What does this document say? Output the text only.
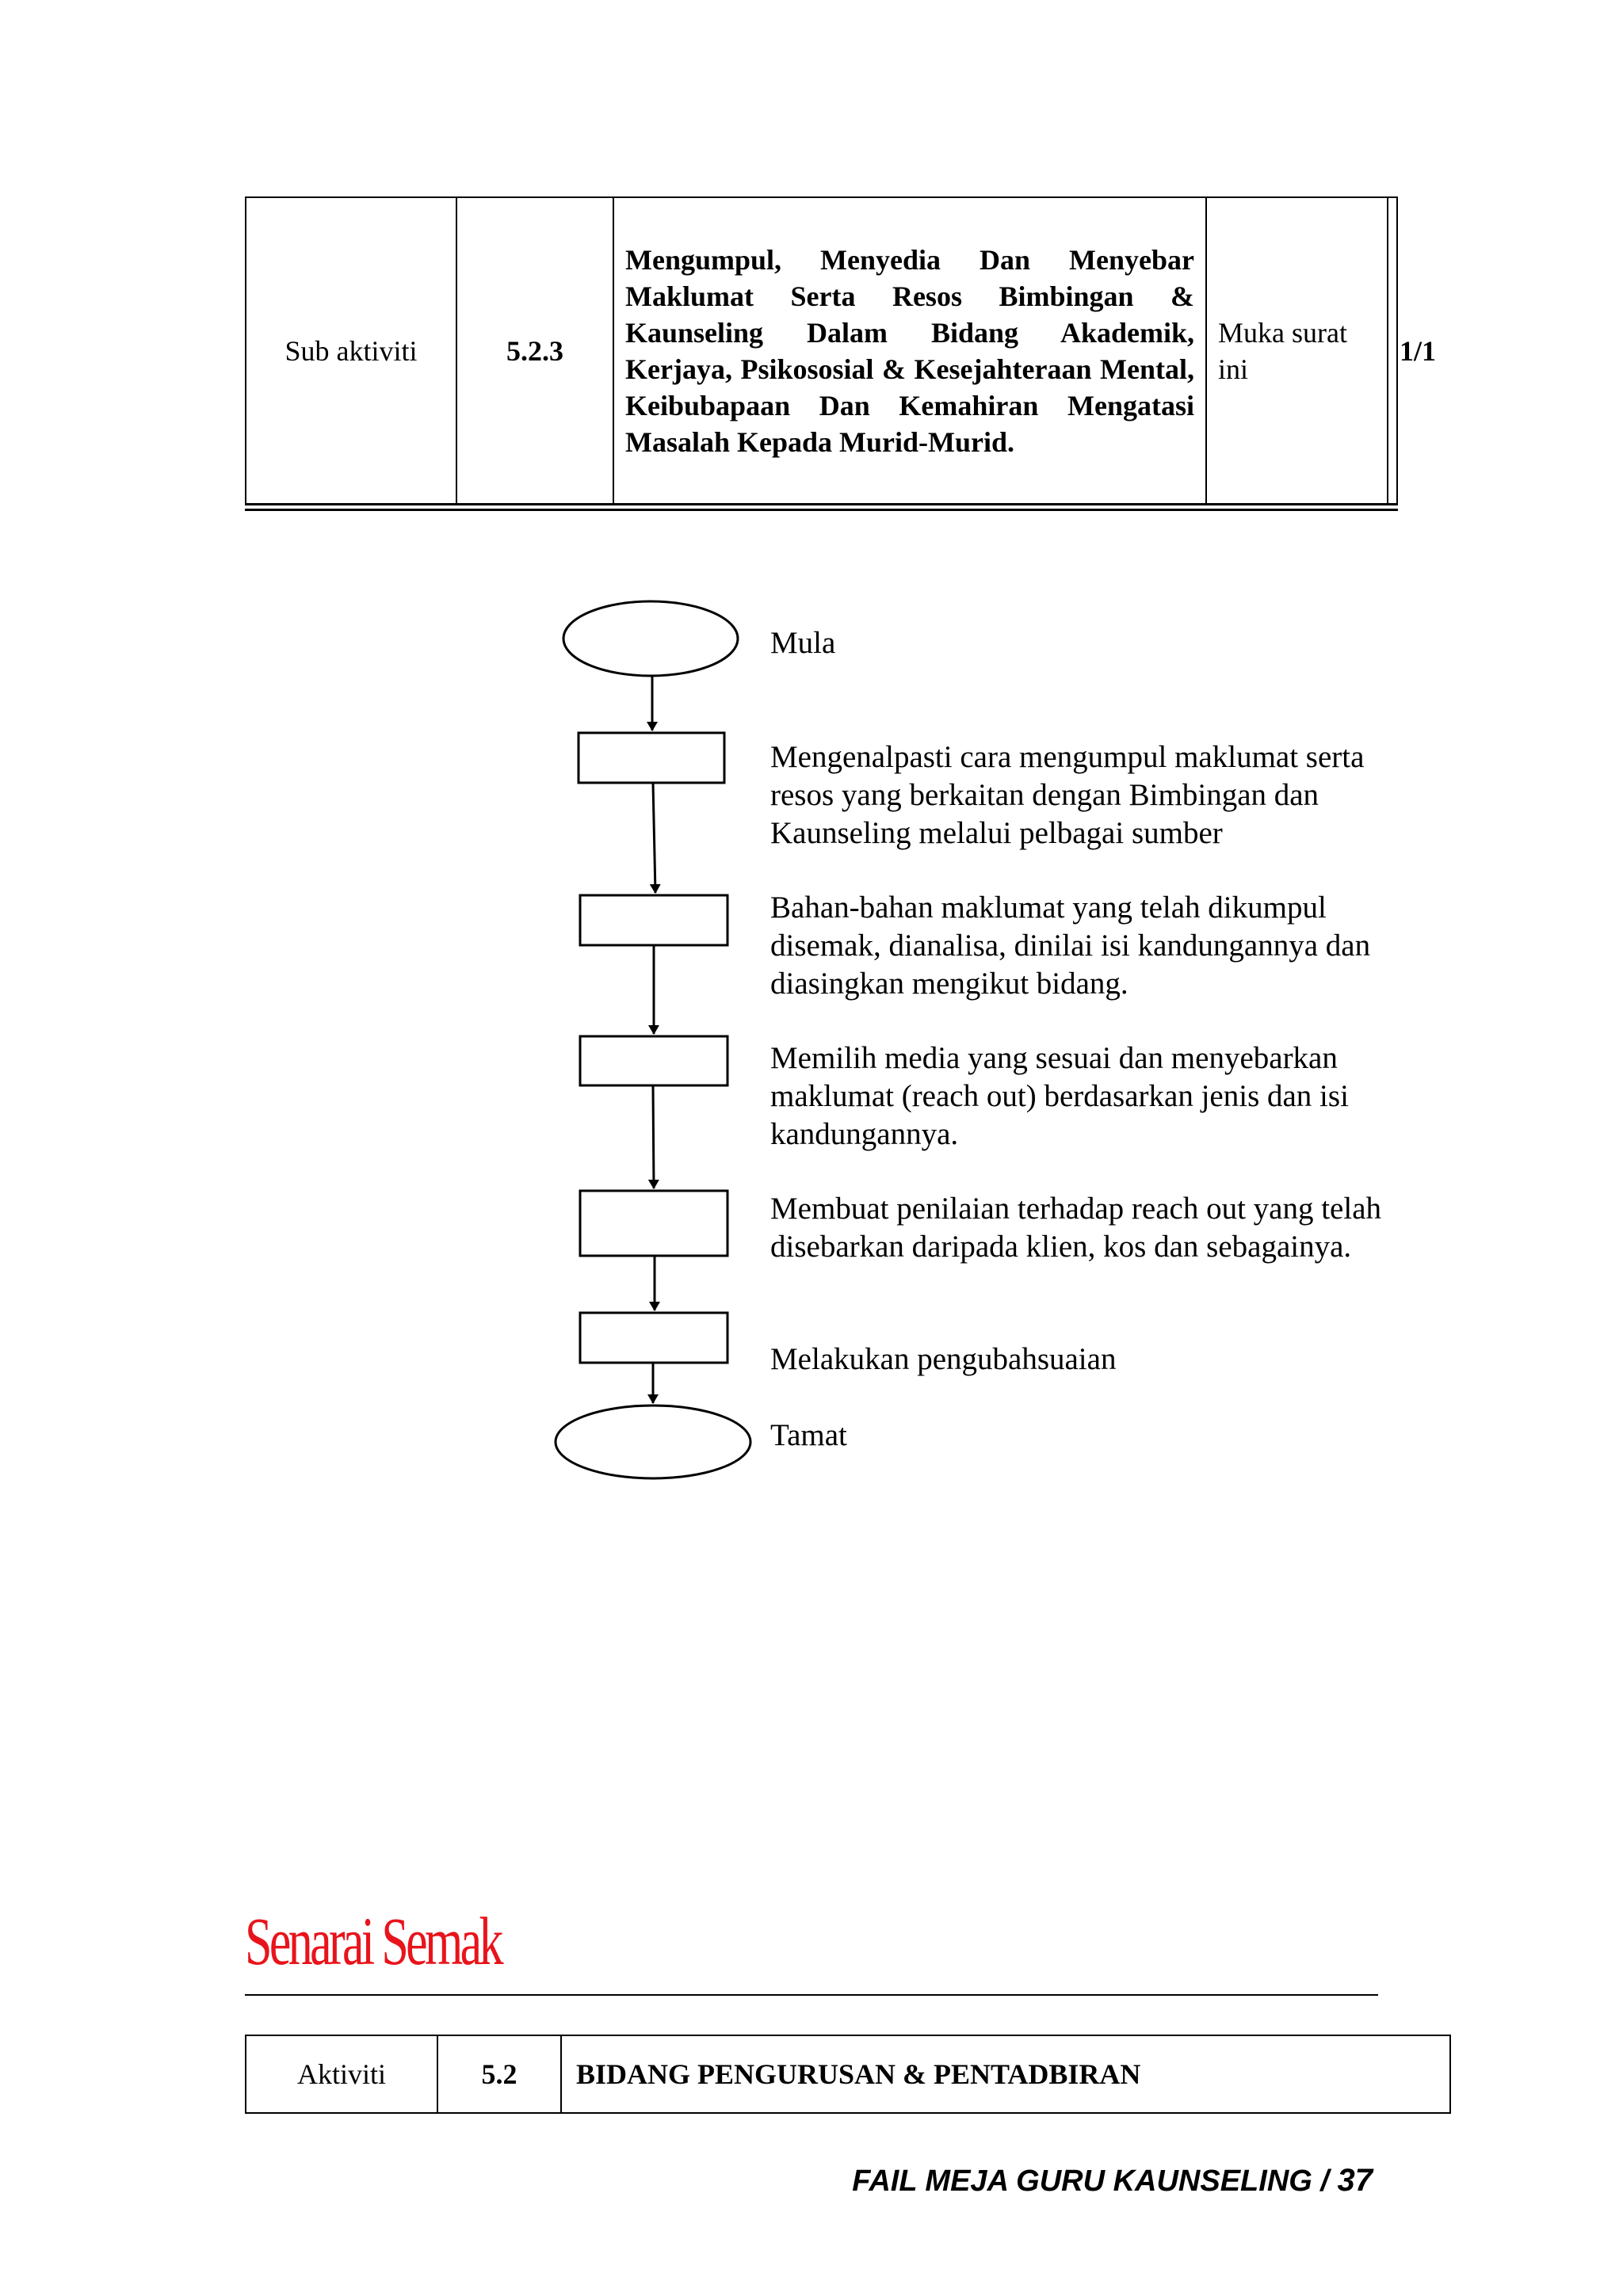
Sub aktiviti	5.2.3	Mengumpul, Menyedia Dan Menyebar Maklumat Serta Resos Bimbingan & Kaunseling Dalam Bidang Akademik, Kerjaya, Psikososial & Kesejahteraan Mental, Keibubapaan Dan Kemahiran Mengatasi Masalah Kepada Murid-Murid.	Muka surat ini	1/1
Mula
Mengenalpasti cara mengumpul maklumat serta resos yang berkaitan dengan Bimbingan dan Kaunseling melalui pelbagai sumber
Bahan-bahan maklumat yang telah dikumpul disemak, dianalisa, dinilai isi kandungannya dan diasingkan mengikut bidang.
Memilih media yang sesuai dan menyebarkan maklumat (reach out) berdasarkan jenis dan isi kandungannya.
Membuat penilaian terhadap reach out yang telah disebarkan daripada klien, kos dan sebagainya.
Melakukan pengubahsuaian
Tamat
Senarai Semak
Aktiviti	5.2	BIDANG PENGURUSAN & PENTADBIRAN
FAIL MEJA GURU KAUNSELING / 37
